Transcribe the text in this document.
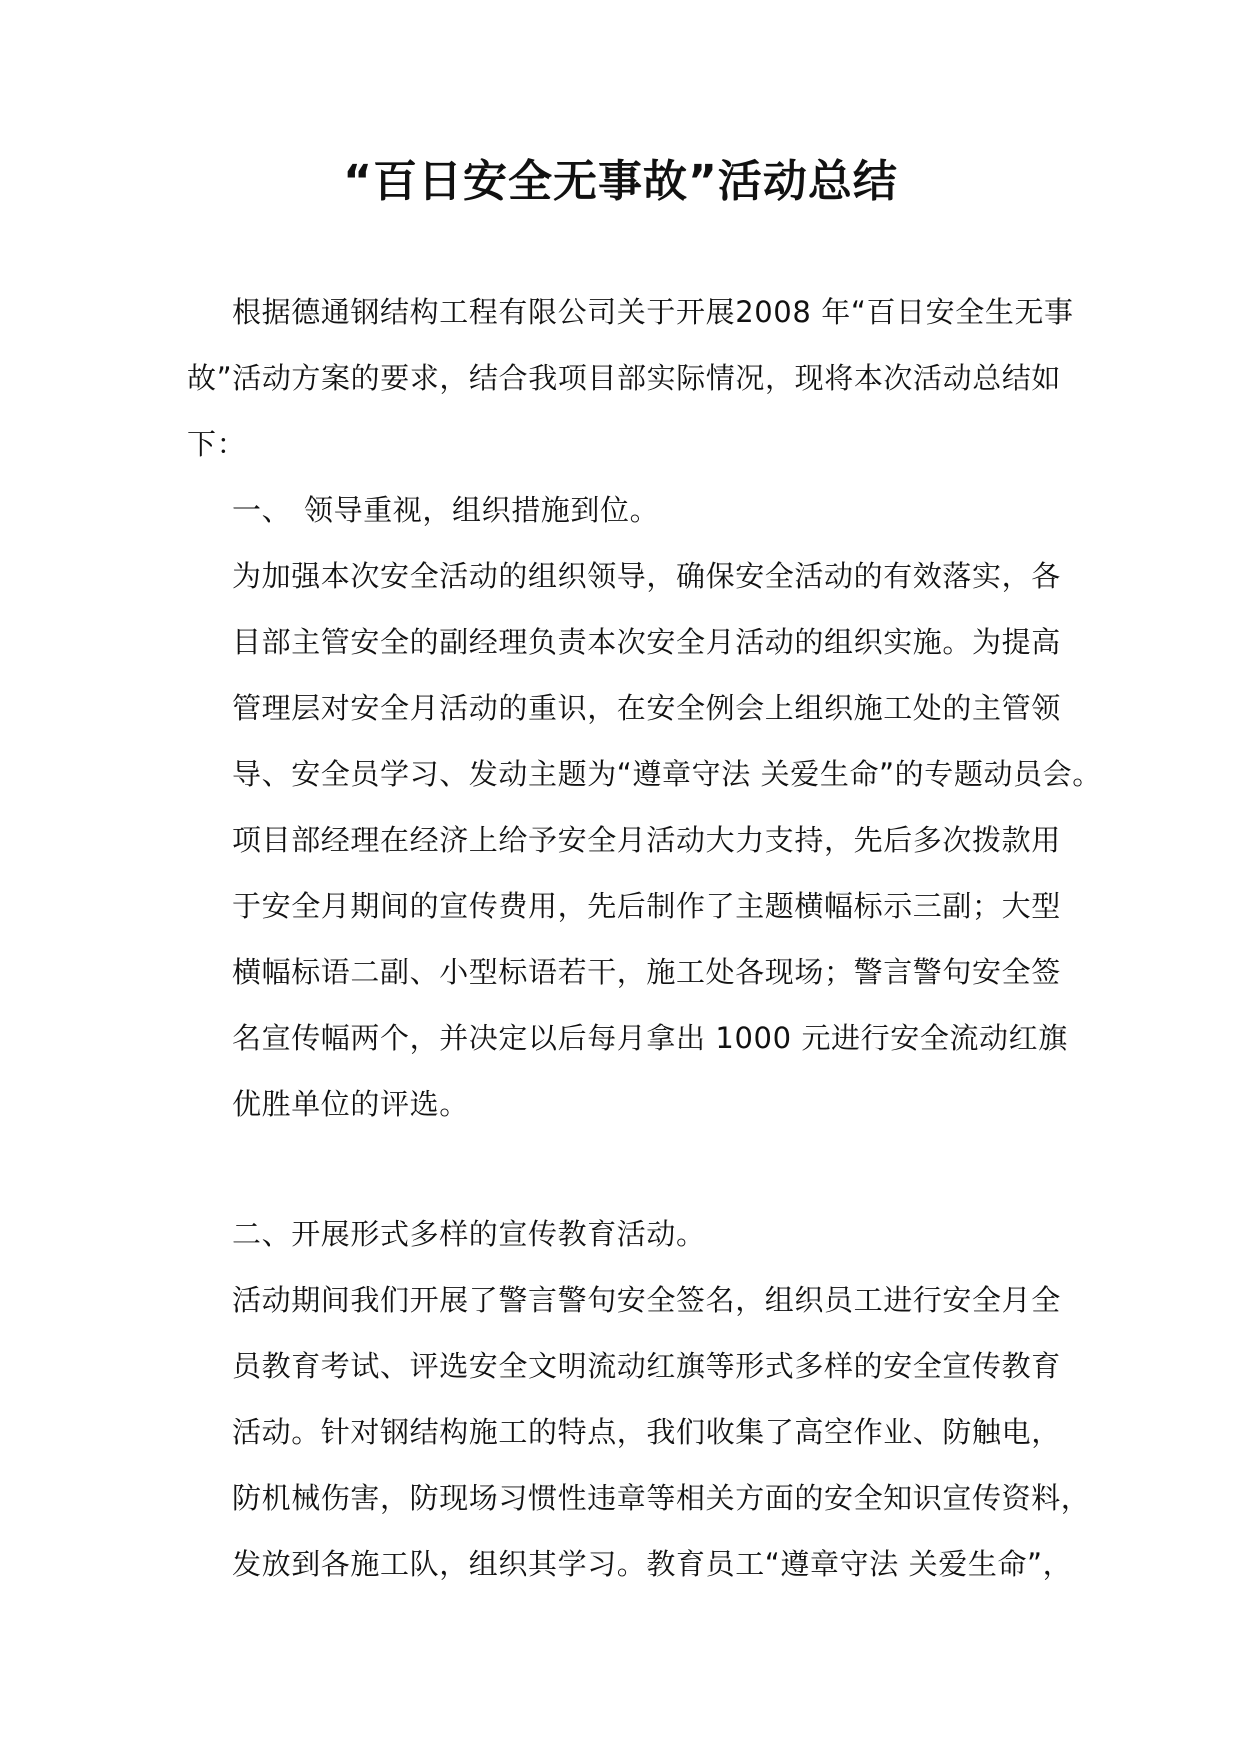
“百日安全无事故”活动总结
根据德通钢结构工程有限公司关于开展2008 年“百日安全生无事
故”活动方案的要求，结合我项目部实际情况，现将本次活动总结如
下：
一、 领导重视，组织措施到位。
为加强本次安全活动的组织领导，确保安全活动的有效落实，各
目部主管安全的副经理负责本次安全月活动的组织实施。为提高
管理层对安全月活动的重识，在安全例会上组织施工处的主管领
导、安全员学习、发动主题为“遵章守法 关爱生命”的专题动员会。
项目部经理在经济上给予安全月活动大力支持，先后多次拨款用
于安全月期间的宣传费用，先后制作了主题横幅标示三副；大型
横幅标语二副、小型标语若干，施工处各现场；警言警句安全签
名宣传幅两个，并决定以后每月拿出 1000 元进行安全流动红旗
优胜单位的评选。
二、开展形式多样的宣传教育活动。
活动期间我们开展了警言警句安全签名，组织员工进行安全月全
员教育考试、评选安全文明流动红旗等形式多样的安全宣传教育
活动。针对钢结构施工的特点，我们收集了高空作业、防触电，
防机械伤害，防现场习惯性违章等相关方面的安全知识宣传资料，
发放到各施工队，组织其学习。教育员工“遵章守法 关爱生命”，
